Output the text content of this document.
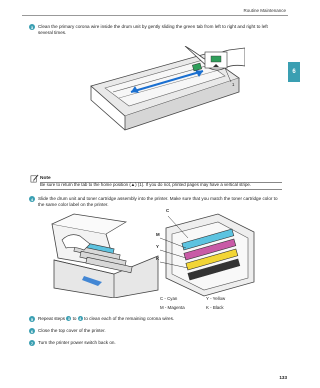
Routine Maintenance
6
3	Clean the primary corona wire inside the drum unit by gently sliding the green tab from left to right and right to left several times.
1
Note
Be sure to return the tab to the home position (▲) (1). If you do not, printed pages may have a vertical stripe.
4	Slide the drum unit and toner cartridge assembly into the printer. Make sure that you match the toner cartridge color to the same color label on the printer.
C
M
Y
K
C - Cyan	Y - Yellow
M - Magenta	K - Black
5	Repeat steps 3 to 4 to clean each of the remaining corona wires.
6	Close the top cover of the printer.
7	Turn the printer power switch back on.
133
